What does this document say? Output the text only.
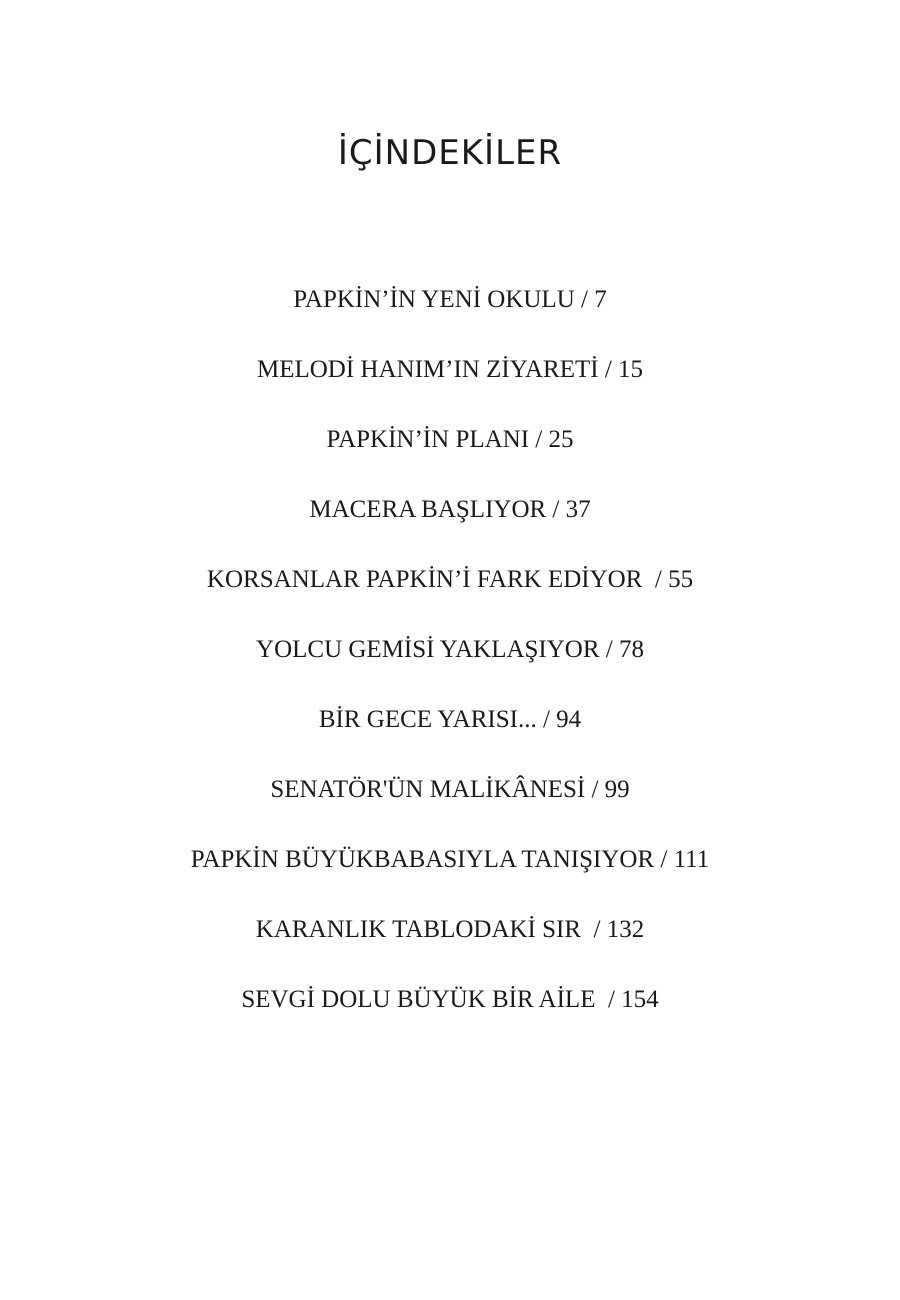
İÇİNDEKİLER
PAPKİN’İN YENİ OKULU / 7
MELODİ HANIM’IN ZİYARETİ / 15
PAPKİN’İN PLANI / 25
MACERA BAŞLIYOR / 37
KORSANLAR PAPKİN’İ FARK EDİYOR  / 55
YOLCU GEMİSİ YAKLAŞIYOR / 78
BİR GECE YARISI... / 94
SENATÖR'ÜN MALİKÂNESİ / 99
PAPKİN BÜYÜKBABASIYLA TANIŞIYOR / 111
KARANLIK TABLODAKİ SIR  / 132
SEVGİ DOLU BÜYÜK BİR AİLE  / 154
